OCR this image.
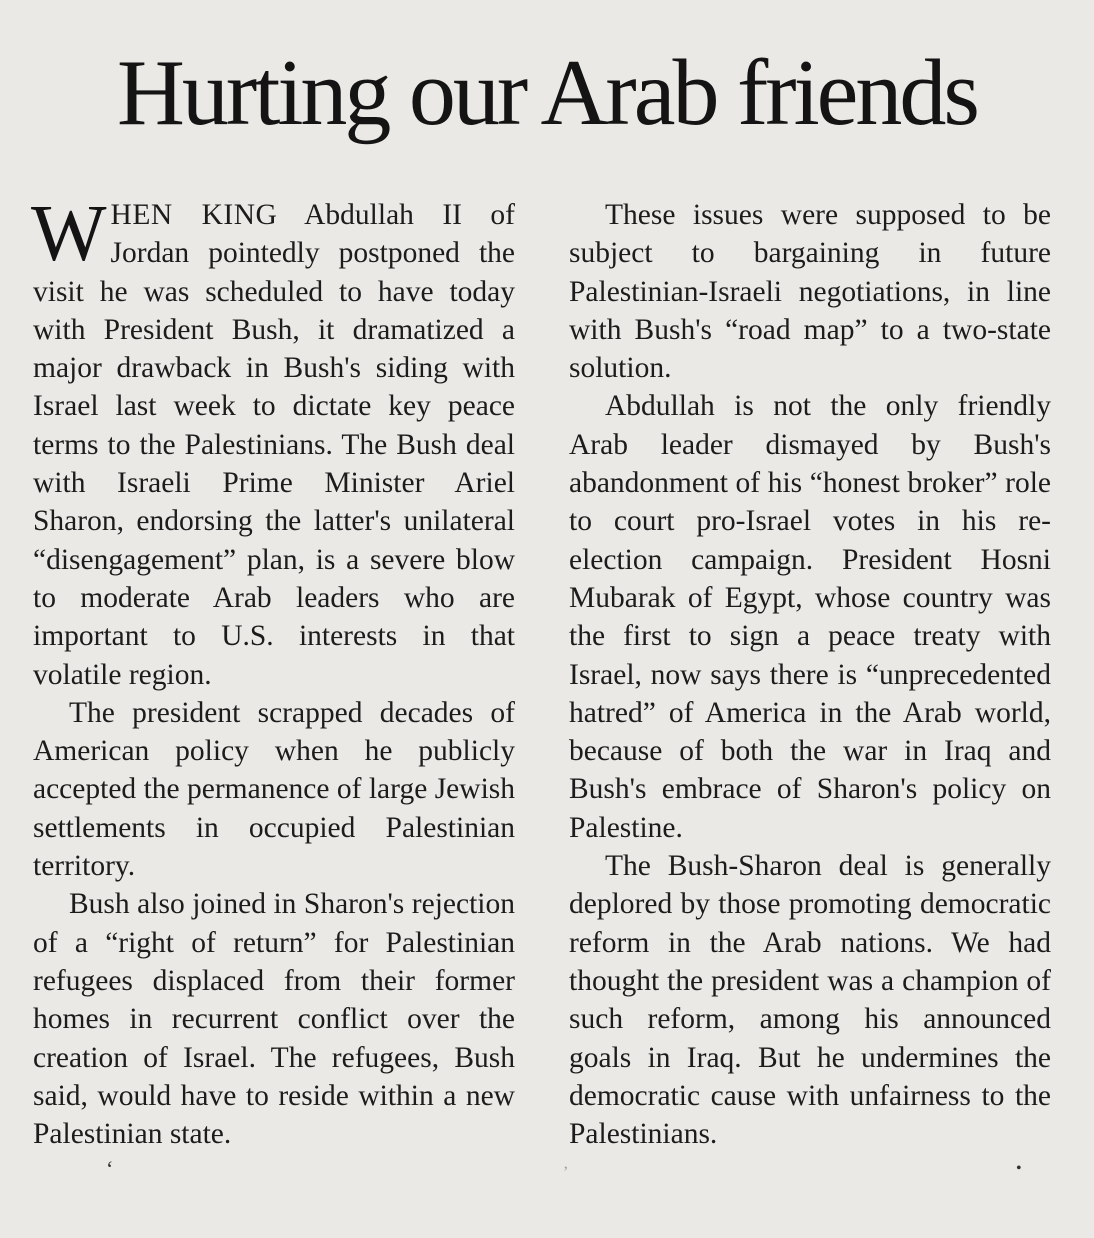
Hurting our Arab friends

WHEN KING Abdullah II of Jordan pointedly postponed the visit he was scheduled to have today with President Bush, it dramatized a major drawback in Bush's siding with Israel last week to dictate key peace terms to the Palestinians. The Bush deal with Israeli Prime Minister Ariel Sharon, endorsing the latter's unilateral “disengagement” plan, is a severe blow to moderate Arab leaders who are important to U.S. interests in that volatile region.

The president scrapped decades of American policy when he publicly accepted the permanence of large Jewish settlements in occupied Palestinian territory.

Bush also joined in Sharon's rejection of a “right of return” for Palestinian refugees displaced from their former homes in recurrent conflict over the creation of Israel. The refugees, Bush said, would have to reside within a new Palestinian state.

These issues were supposed to be subject to bargaining in future Palestinian-Israeli negotiations, in line with Bush's “road map” to a two-state solution.

Abdullah is not the only friendly Arab leader dismayed by Bush's abandonment of his “honest broker” role to court pro-Israel votes in his re-election campaign. President Hosni Mubarak of Egypt, whose country was the first to sign a peace treaty with Israel, now says there is “unprecedented hatred” of America in the Arab world, because of both the war in Iraq and Bush's embrace of Sharon's policy on Palestine.

The Bush-Sharon deal is generally deplored by those promoting democratic reform in the Arab nations. We had thought the president was a champion of such reform, among his announced goals in Iraq. But he undermines the democratic cause with unfairness to the Palestinians.

ʻ	ʼ	•
